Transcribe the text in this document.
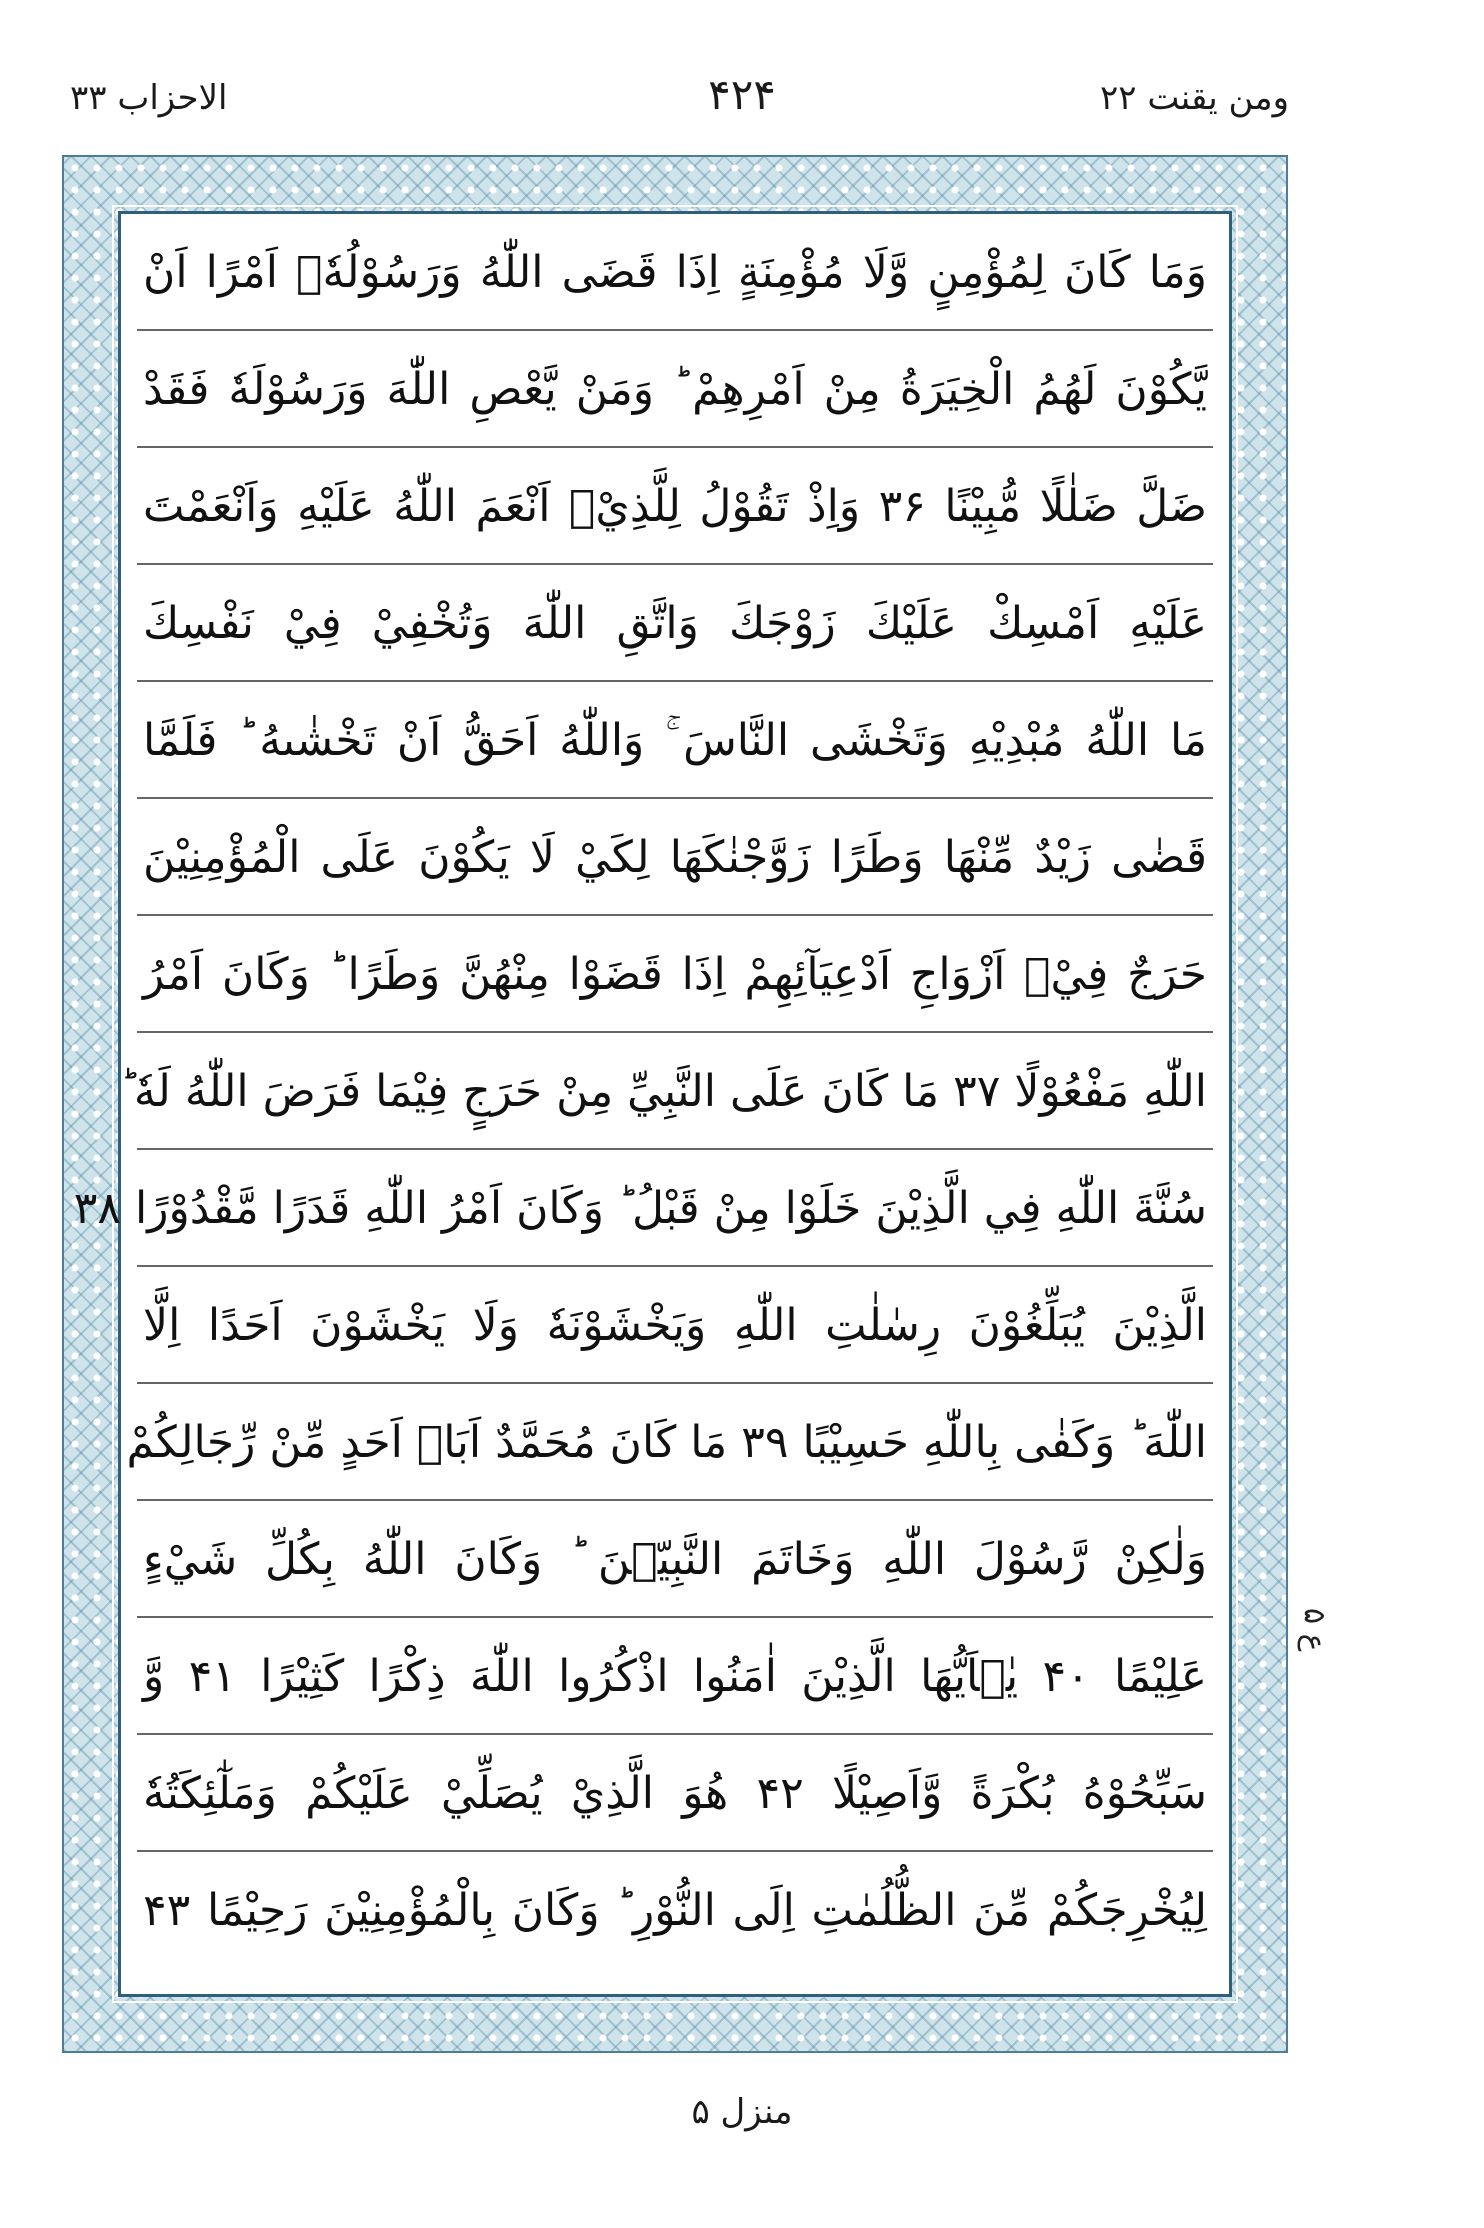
ومن یقنت ۲۲
۴۲۴
الاحزاب ۳۳
وَمَا كَانَ لِمُؤْمِنٍ وَّلَا مُؤْمِنَةٍ اِذَا قَضَى اللّٰهُ وَرَسُوْلُهٗۤ اَمْرًا اَنْ
يَّكُوْنَ لَهُمُ الْخِيَرَةُ مِنْ اَمْرِهِمْ ؕ وَمَنْ يَّعْصِ اللّٰهَ وَرَسُوْلَهٗ فَقَدْ
ضَلَّ ضَلٰلًا مُّبِيْنًا ۳۶ وَاِذْ تَقُوْلُ لِلَّذِيْۤ اَنْعَمَ اللّٰهُ عَلَيْهِ وَاَنْعَمْتَ
عَلَيْهِ اَمْسِكْ عَلَيْكَ زَوْجَكَ وَاتَّقِ اللّٰهَ وَتُخْفِيْ فِيْ نَفْسِكَ
مَا اللّٰهُ مُبْدِيْهِ وَتَخْشَى النَّاسَ ۚ وَاللّٰهُ اَحَقُّ اَنْ تَخْشٰىهُ ؕ فَلَمَّا
قَضٰى زَيْدٌ مِّنْهَا وَطَرًا زَوَّجْنٰكَهَا لِكَيْ لَا يَكُوْنَ عَلَى الْمُؤْمِنِيْنَ
حَرَجٌ فِيْۤ اَزْوَاجِ اَدْعِيَآئِهِمْ اِذَا قَضَوْا مِنْهُنَّ وَطَرًا ؕ وَكَانَ اَمْرُ
اللّٰهِ مَفْعُوْلًا ۳۷ مَا كَانَ عَلَى النَّبِيِّ مِنْ حَرَجٍ فِيْمَا فَرَضَ اللّٰهُ لَهٗ ؕ
سُنَّةَ اللّٰهِ فِي الَّذِيْنَ خَلَوْا مِنْ قَبْلُ ؕ وَكَانَ اَمْرُ اللّٰهِ قَدَرًا مَّقْدُوْرًا ۳۸
الَّذِيْنَ يُبَلِّغُوْنَ رِسٰلٰتِ اللّٰهِ وَيَخْشَوْنَهٗ وَلَا يَخْشَوْنَ اَحَدًا اِلَّا
اللّٰهَ ؕ وَكَفٰى بِاللّٰهِ حَسِيْبًا ۳۹ مَا كَانَ مُحَمَّدٌ اَبَاۤ اَحَدٍ مِّنْ رِّجَالِكُمْ
وَلٰكِنْ رَّسُوْلَ اللّٰهِ وَخَاتَمَ النَّبِيّٖنَ ؕ وَكَانَ اللّٰهُ بِكُلِّ شَيْءٍ
عَلِيْمًا ۴۰ يٰۤاَيُّهَا الَّذِيْنَ اٰمَنُوا اذْكُرُوا اللّٰهَ ذِكْرًا كَثِيْرًا ۴۱ وَّ
سَبِّحُوْهُ بُكْرَةً وَّاَصِيْلًا ۴۲ هُوَ الَّذِيْ يُصَلِّيْ عَلَيْكُمْ وَمَلٰٓئِكَتُهٗ
لِيُخْرِجَكُمْ مِّنَ الظُّلُمٰتِ اِلَى النُّوْرِ ؕ وَكَانَ بِالْمُؤْمِنِيْنَ رَحِيْمًا ۴۳
ع ۵
منزل ۵
